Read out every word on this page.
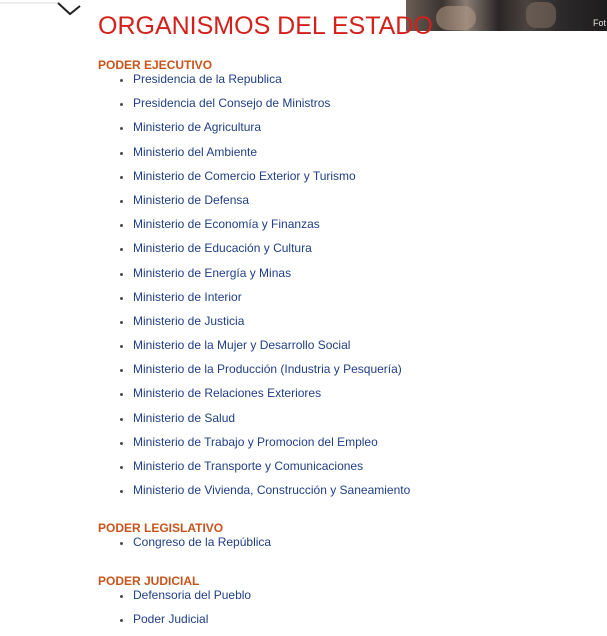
Fot
ORGANISMOS DEL ESTADO
PODER EJECUTIVO
Presidencia de la Republica
Presidencia del Consejo de Ministros
Ministerio de Agricultura
Ministerio del Ambiente
Ministerio de Comercio Exterior y Turismo
Ministerio de Defensa
Ministerio de Economía y Finanzas
Ministerio de Educación y Cultura
Ministerio de Energía y Minas
Ministerio de Interior
Ministerio de Justicia
Ministerio de la Mujer y Desarrollo Social
Ministerio de la Producción (Industria y Pesquería)
Ministerio de Relaciones Exteriores
Ministerio de Salud
Ministerio de Trabajo y Promocion del Empleo
Ministerio de Transporte y Comunicaciones
Ministerio de Vivienda, Construcción y Saneamiento
PODER LEGISLATIVO
Congreso de la República
PODER JUDICIAL
Defensoria del Pueblo
Poder Judicial
